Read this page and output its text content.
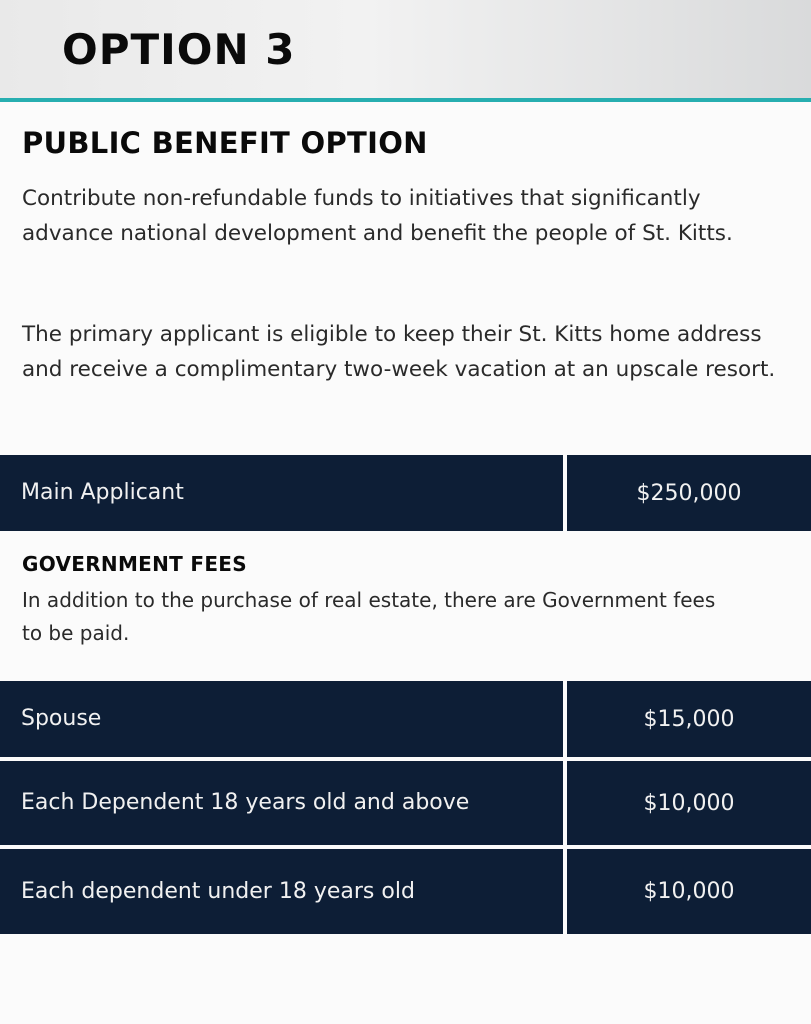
OPTION 3
PUBLIC BENEFIT OPTION
Contribute non-refundable funds to initiatives that significantly advance national development and benefit the people of St. Kitts.
The primary applicant is eligible to keep their St. Kitts home address and receive a complimentary two-week vacation at an upscale resort.
Main Applicant	$250,000
GOVERNMENT FEES
In addition to the purchase of real estate, there are Government fees to be paid.
Spouse	$15,000
Each Dependent 18 years old and above	$10,000
Each dependent under 18 years old	$10,000
